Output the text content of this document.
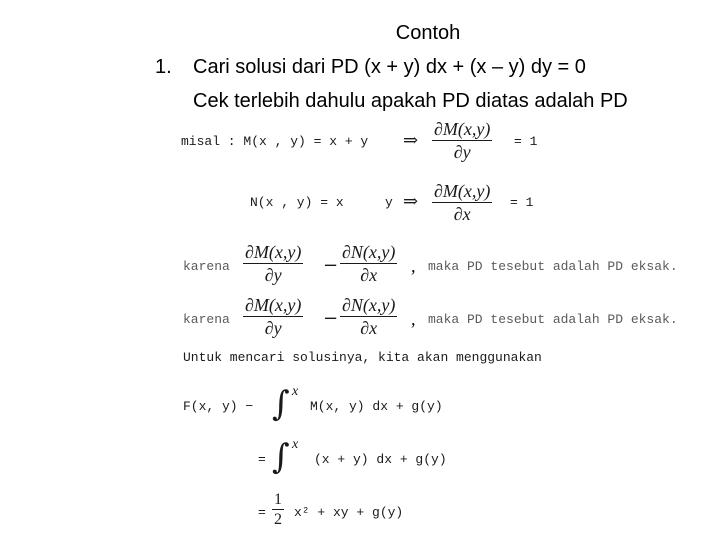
Contoh
1. Cari solusi dari PD (x + y) dx + (x – y) dy = 0
Cek terlebih dahulu apakah PD diatas adalah PD
misal : M(x , y) = x + y ⇒ $\frac{\partial M(x,y)}{\partial y} = 1$
N(x , y) = x	y ⇒ $\frac{\partial M(x,y)}{\partial x} = 1$
karena $\frac{\partial M(x,y)}{\partial y} - \frac{\partial N(x,y)}{\partial x}$ , maka PD tesebut adalah PD eksak.
karena $\frac{\partial M(x,y)}{\partial y} - \frac{\partial N(x,y)}{\partial x}$ , maka PD tesebut adalah PD eksak.
Untuk mencari solusinya, kita akan menggunakan
F(x, y) − ∫ x
M(x, y) dx + g(y)
= ∫ x
(x + y) dx + g(y)
= $\frac{1}{2} x^2$ + xy + g(y)
